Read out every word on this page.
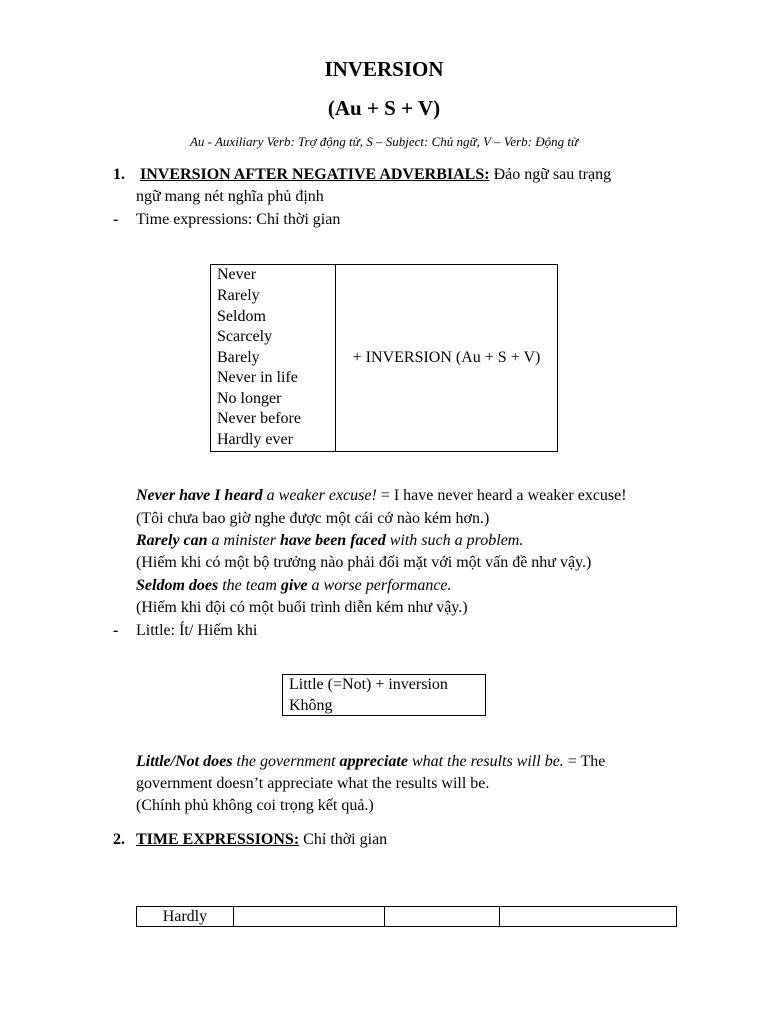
INVERSION
(Au + S + V)
Au - Auxiliary Verb: Trợ động từ, S – Subject: Chủ ngữ, V – Verb: Động từ
1. INVERSION AFTER NEGATIVE ADVERBIALS: Đảo ngữ sau trạng
ngữ mang nét nghĩa phủ định
- Time expressions: Chỉ thời gian
Never
Rarely
Seldom
Scarcely
Barely
Never in life
No longer
Never before
Hardly ever
	+ INVERSION (Au + S + V)
Never have I heard a weaker excuse! = I have never heard a weaker excuse!
(Tôi chưa bao giờ nghe được một cái cớ nào kém hơn.)
Rarely can a minister have been faced with such a problem.
(Hiếm khi có một bộ trưởng nào phải đối mặt với một vấn đề như vậy.)
Seldom does the team give a worse performance.
(Hiếm khi đội có một buổi trình diễn kém như vậy.)
- Little: Ít/ Hiếm khi
Little (=Not) + inversion
Không
Little/Not does the government appreciate what the results will be. = The
government doesn’t appreciate what the results will be.
(Chính phủ không coi trọng kết quả.)
2. TIME EXPRESSIONS: Chỉ thời gian
Hardly			
